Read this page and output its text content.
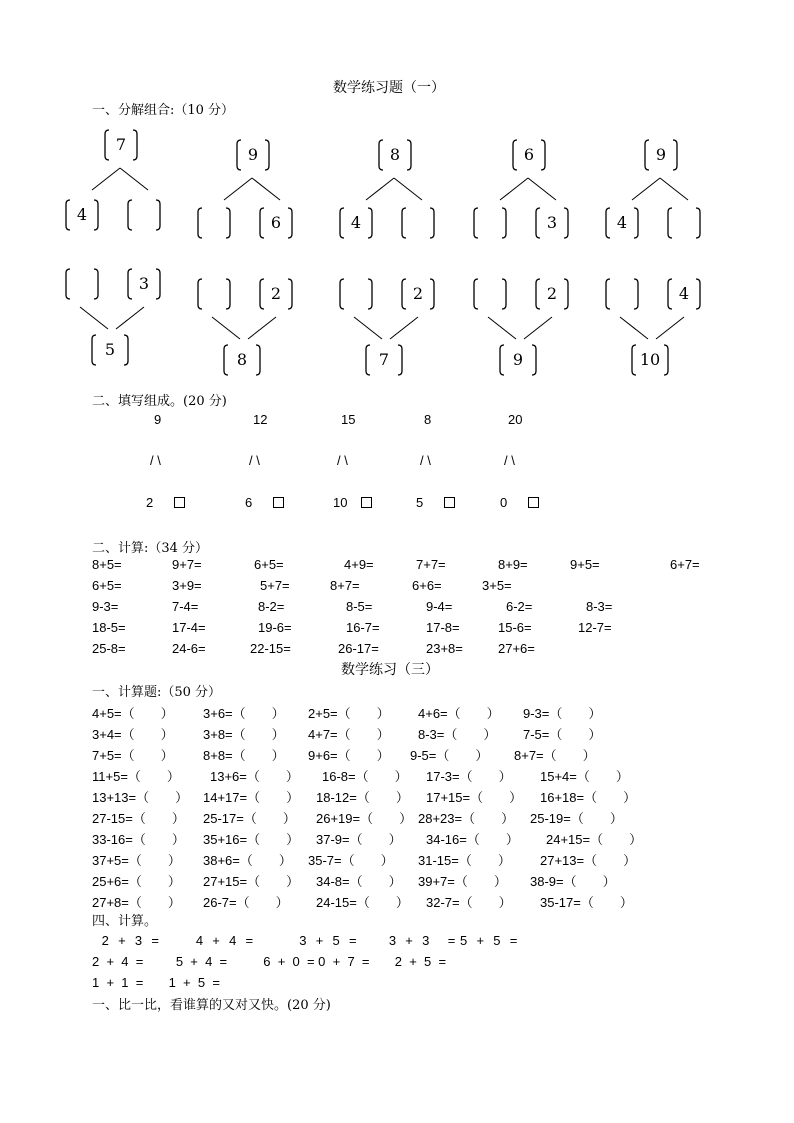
数学练习题（一）
一、分解组合:（10 分）
7
4
9
6
8
4
6
3
9
4
3
5
2
8
2
7
2
9
4
10
二、填写组成。(20 分)
9
/ \
2
12
/ \
6
15
/ \
10
8
/ \
5
20
/ \
0
二、计算:（34 分）
8+5=	9+7=	6+5=	4+9=	7+7=	8+9=	9+5=	6+7=
6+5=	3+9=	5+7=	8+7=	6+6=	3+5=
9-3=	7-4=	8-2=	8-5=	9-4=	6-2=	8-3=
18-5=	17-4=	19-6=	16-7=	17-8=	15-6=	12-7=
25-8=	24-6=	22-15=	26-17=	23+8=	27+6=
数学练习（三）
一、计算题:（50 分）
4+5=（　　） 3+6=（　　） 2+5=（　　） 4+6=（　　） 9-3=（　　）
3+4=（　　） 3+8=（　　） 4+7=（　　） 8-3=（　　） 7-5=（　　）
7+5=（　　） 8+8=（　　） 9+6=（　　） 9-5=（　　） 8+7=（　　）
11+5=（　　） 13+6=（　　） 16-8=（　　） 17-3=（　　） 15+4=（　　）
13+13=（　　） 14+17=（　　） 18-12=（　　） 17+15=（　　） 16+18=（　　）
27-15=（　　） 25-17=（　　） 26+19=（　　） 28+23=（　　） 25-19=（　　）
33-16=（　　） 35+16=（　　） 37-9=（　　） 34-16=（　　） 24+15=（　　）
37+5=（　　） 38+6=（　　） 35-7=（　　） 31-15=（　　） 27+13=（　　）
25+6=（　　） 27+15=（　　） 34-8=（　　） 39+7=（　　） 38-9=（　　）
27+8=（　　） 26-7=（　　） 24-15=（　　） 32-7=（　　） 35-17=（　　）
四、计算。
2  +  3  =        4  +  4  =          3  +  5  =       3  +  3    = 5  +  5  =
2  +  4  =         5  +  4  =          6  +  0  = 0  +  7  =       2  +  5  =
1  +  1  =       1  +  5  =
一、比一比，看谁算的又对又快。(20 分)
